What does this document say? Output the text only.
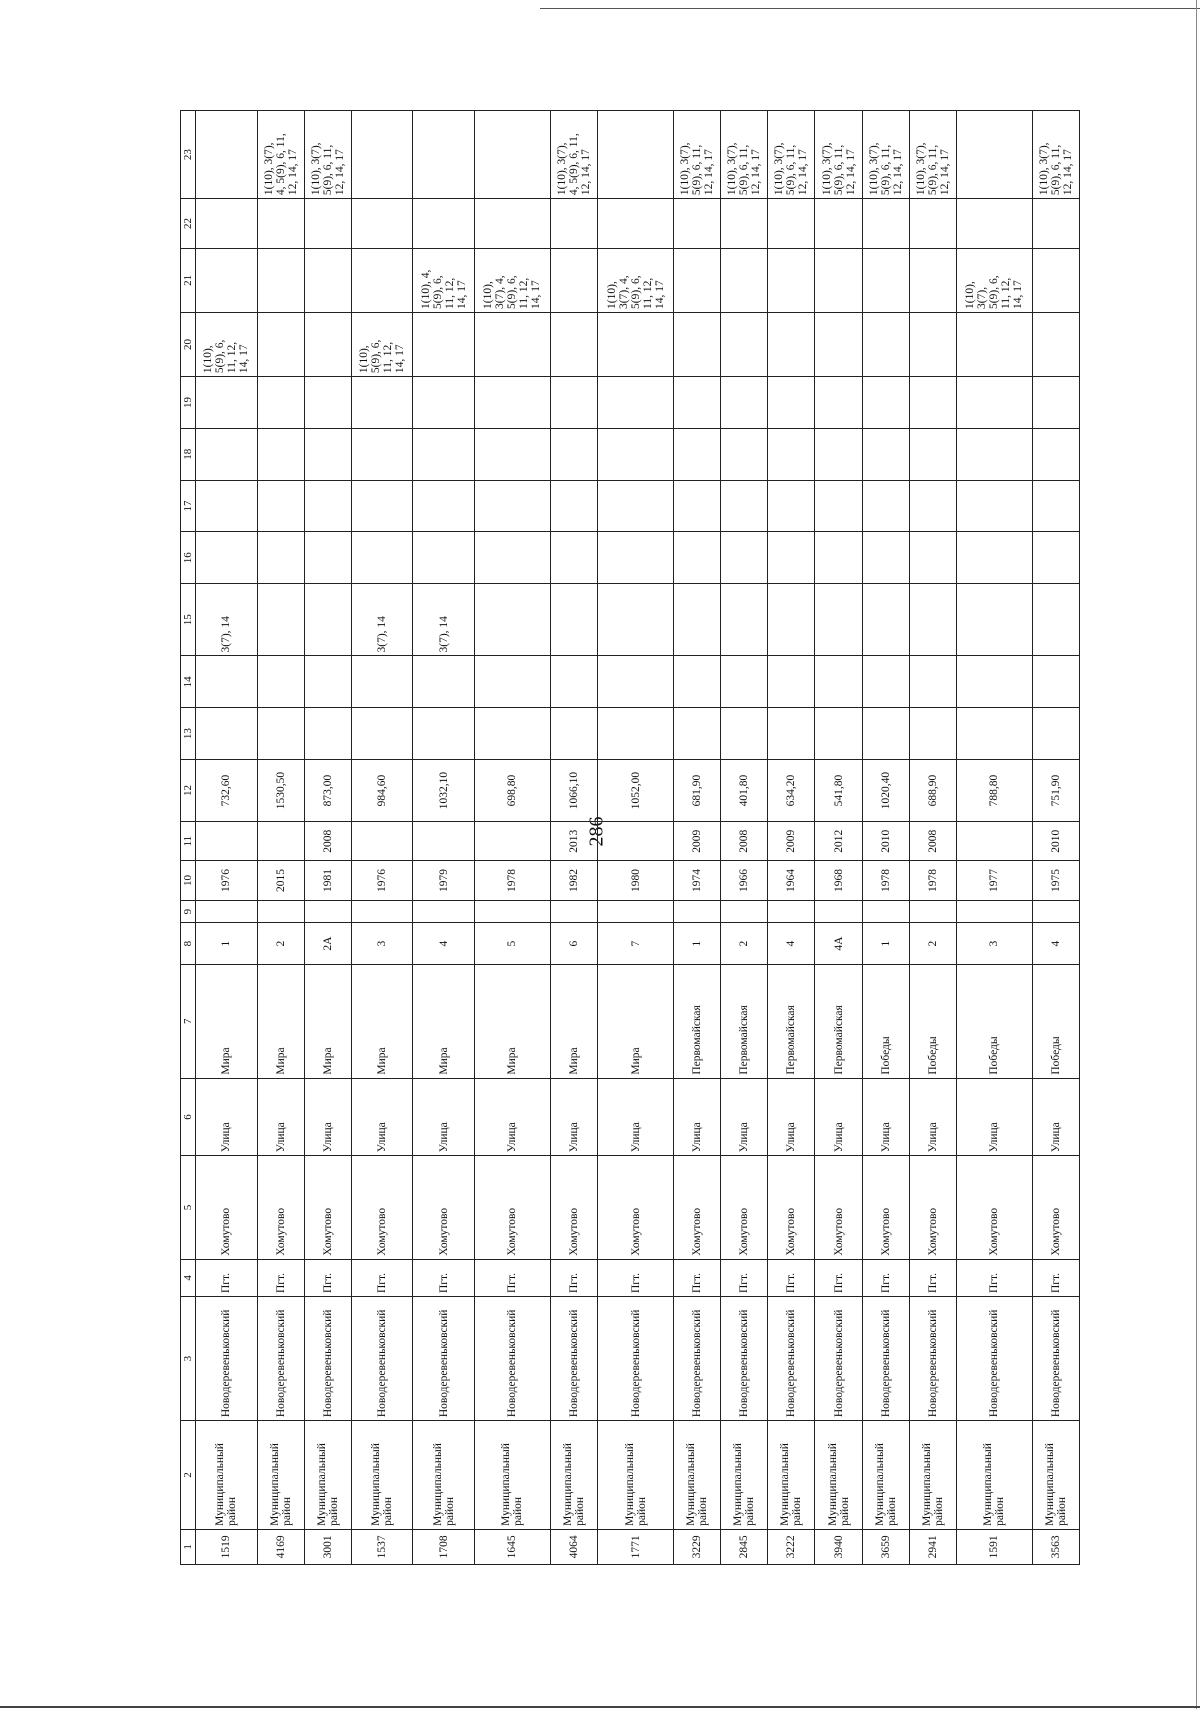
286
1	2	3	4	5	6	7	8	9	10	11	12	13	14	15	16	17	18	19	20	21	22	23
1519	Муниципальный район	Новодеревеньковский	Пгт.	Хомутово	Улица	Мира	1		1976		732,60			3(7), 14					1(10),
5(9), 6,
11, 12,
14, 17			
4169	Муниципальный район	Новодеревеньковский	Пгт.	Хомутово	Улица	Мира	2		2015		1530,50											1(10), 3(7),
4, 5(9), 6, 11,
12, 14, 17
3001	Муниципальный район	Новодеревеньковский	Пгт.	Хомутово	Улица	Мира	2А		1981	2008	873,00											1(10), 3(7),
5(9), 6, 11,
12, 14, 17
1537	Муниципальный район	Новодеревеньковский	Пгт.	Хомутово	Улица	Мира	3		1976		984,60			3(7), 14					1(10),
5(9), 6,
11, 12,
14, 17			
1708	Муниципальный район	Новодеревеньковский	Пгт.	Хомутово	Улица	Мира	4		1979		1032,10			3(7), 14						1(10), 4,
5(9), 6,
11, 12,
14, 17		
1645	Муниципальный район	Новодеревеньковский	Пгт.	Хомутово	Улица	Мира	5		1978		698,80									1(10),
3(7), 4,
5(9), 6,
11, 12,
14, 17		
4064	Муниципальный район	Новодеревеньковский	Пгт.	Хомутово	Улица	Мира	6		1982	2013	1066,10											1(10), 3(7),
4, 5(9), 6, 11,
12, 14, 17
1771	Муниципальный район	Новодеревеньковский	Пгт.	Хомутово	Улица	Мира	7		1980		1052,00									1(10),
3(7), 4,
5(9), 6,
11, 12,
14, 17		
3229	Муниципальный район	Новодеревеньковский	Пгт.	Хомутово	Улица	Первомайская	1		1974	2009	681,90											1(10), 3(7),
5(9), 6, 11,
12, 14, 17
2845	Муниципальный район	Новодеревеньковский	Пгт.	Хомутово	Улица	Первомайская	2		1966	2008	401,80											1(10), 3(7),
5(9), 6, 11,
12, 14, 17
3222	Муниципальный район	Новодеревеньковский	Пгт.	Хомутово	Улица	Первомайская	4		1964	2009	634,20											1(10), 3(7),
5(9), 6, 11,
12, 14, 17
3940	Муниципальный район	Новодеревеньковский	Пгт.	Хомутово	Улица	Первомайская	4А		1968	2012	541,80											1(10), 3(7),
5(9), 6, 11,
12, 14, 17
3659	Муниципальный район	Новодеревеньковский	Пгт.	Хомутово	Улица	Победы	1		1978	2010	1020,40											1(10), 3(7),
5(9), 6, 11,
12, 14, 17
2941	Муниципальный район	Новодеревеньковский	Пгт.	Хомутово	Улица	Победы	2		1978	2008	688,90											1(10), 3(7),
5(9), 6, 11,
12, 14, 17
1591	Муниципальный район	Новодеревеньковский	Пгт.	Хомутово	Улица	Победы	3		1977		788,80									1(10),
3(7),
5(9), 6,
11, 12,
14, 17		
3563	Муниципальный район	Новодеревеньковский	Пгт.	Хомутово	Улица	Победы	4		1975	2010	751,90											1(10), 3(7),
5(9), 6, 11,
12, 14, 17
